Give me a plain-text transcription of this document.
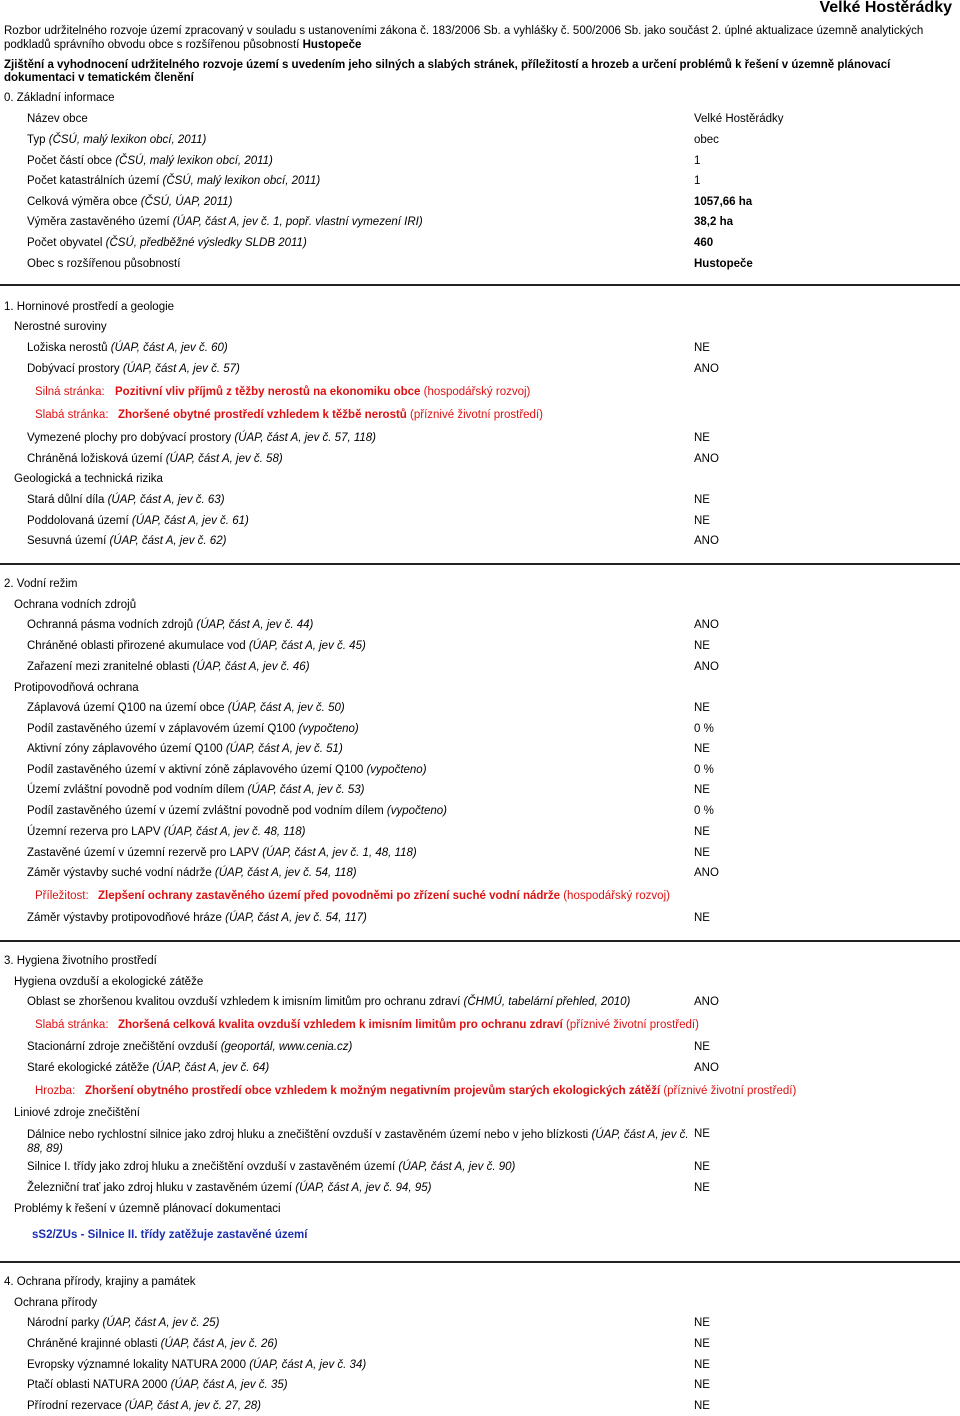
Velké Hostěrádky
Rozbor udržitelného rozvoje území zpracovaný v souladu s ustanoveními zákona č. 183/2006 Sb. a vyhlášky č. 500/2006 Sb. jako součást 2. úplné aktualizace územně analytických
podkladů správního obvodu obce s rozšířenou působností Hustopeče
Zjištění a vyhodnocení udržitelného rozvoje území s uvedením jeho silných a slabých stránek, příležitostí a hrozeb a určení problémů k řešení v územně plánovací dokumentaci v tematickém členění
0. Základní informace
Název obce	Velké Hostěrádky
Typ (ČSÚ, malý lexikon obcí, 2011)	obec
Počet částí obce (ČSÚ, malý lexikon obcí, 2011)	1
Počet katastrálních území (ČSÚ, malý lexikon obcí, 2011)	1
Celková výměra obce (ČSÚ, ÚAP, 2011)	1057,66 ha
Výměra zastavěného území (ÚAP, část A, jev č. 1, popř. vlastní vymezení IRI)	38,2 ha
Počet obyvatel (ČSÚ, předběžné výsledky SLDB 2011)	460
Obec s rozšířenou působností	Hustopeče
1. Horninové prostředí a geologie
Nerostné suroviny
Ložiska nerostů (ÚAP, část A, jev č. 60)	NE
Dobývací prostory (ÚAP, část A, jev č. 57)	ANO
Silná stránka: Pozitivní vliv příjmů z těžby nerostů na ekonomiku obce (hospodářský rozvoj)
Slabá stránka: Zhoršené obytné prostředí vzhledem k těžbě nerostů (příznivé životní prostředí)
Vymezené plochy pro dobývací prostory (ÚAP, část A, jev č. 57, 118)	NE
Chráněná ložisková území (ÚAP, část A, jev č. 58)	ANO
Geologická a technická rizika
Stará důlní díla (ÚAP, část A, jev č. 63)	NE
Poddolovaná území (ÚAP, část A, jev č. 61)	NE
Sesuvná území (ÚAP, část A, jev č. 62)	ANO
2. Vodní režim
Ochrana vodních zdrojů
Ochranná pásma vodních zdrojů (ÚAP, část A, jev č. 44)	ANO
Chráněné oblasti přirozené akumulace vod (ÚAP, část A, jev č. 45)	NE
Zařazení mezi zranitelné oblasti (ÚAP, část A, jev č. 46)	ANO
Protipovodňová ochrana
Záplavová území Q100 na území obce (ÚAP, část A, jev č. 50)	NE
Podíl zastavěného území v záplavovém území Q100 (vypočteno)	0 %
Aktivní zóny záplavového území Q100 (ÚAP, část A, jev č. 51)	NE
Podíl zastavěného území v aktivní zóně záplavového území Q100 (vypočteno)	0 %
Území zvláštní povodně pod vodním dílem (ÚAP, část A, jev č. 53)	NE
Podíl zastavěného území v území zvláštní povodně pod vodním dílem (vypočteno)	0 %
Územní rezerva pro LAPV (ÚAP, část A, jev č. 48, 118)	NE
Zastavěné území v územní rezervě pro LAPV (ÚAP, část A, jev č. 1, 48, 118)	NE
Záměr výstavby suché vodní nádrže (ÚAP, část A, jev č. 54, 118)	ANO
Příležitost: Zlepšení ochrany zastavěného území před povodněmi po zřízení suché vodní nádrže (hospodářský rozvoj)
Záměr výstavby protipovodňové hráze (ÚAP, část A, jev č. 54, 117)	NE
3. Hygiena životního prostředí
Hygiena ovzduší a ekologické zátěže
Oblast se zhoršenou kvalitou ovzduší vzhledem k imisním limitům pro ochranu zdraví (ČHMÚ, tabelární přehled, 2010)	ANO
Slabá stránka: Zhoršená celková kvalita ovzduší vzhledem k imisním limitům pro ochranu zdraví (příznivé životní prostředí)
Stacionární zdroje znečištění ovzduší (geoportál, www.cenia.cz)	NE
Staré ekologické zátěže (ÚAP, část A, jev č. 64)	ANO
Hrozba: Zhoršení obytného prostředí obce vzhledem k možným negativním projevům starých ekologických zátěží (příznivé životní prostředí)
Liniové zdroje znečištění
Dálnice nebo rychlostní silnice jako zdroj hluku a znečištění ovzduší v zastavěném území nebo v jeho blízkosti (ÚAP, část A, jev č. 88, 89)
NE
Silnice I. třídy jako zdroj hluku a znečištění ovzduší v zastavěném území (ÚAP, část A, jev č. 90)	NE
Železniční trať jako zdroj hluku v zastavěném území (ÚAP, část A, jev č. 94, 95)	NE
Problémy k řešení v územně plánovací dokumentaci
sS2/ZUs - Silnice II. třídy zatěžuje zastavěné území
4. Ochrana přírody, krajiny a památek
Ochrana přírody
Národní parky (ÚAP, část A, jev č. 25)	NE
Chráněné krajinné oblasti (ÚAP, část A, jev č. 26)	NE
Evropsky významné lokality NATURA 2000 (ÚAP, část A, jev č. 34)	NE
Ptačí oblasti NATURA 2000 (ÚAP, část A, jev č. 35)	NE
Přírodní rezervace (ÚAP, část A, jev č. 27, 28)	NE
